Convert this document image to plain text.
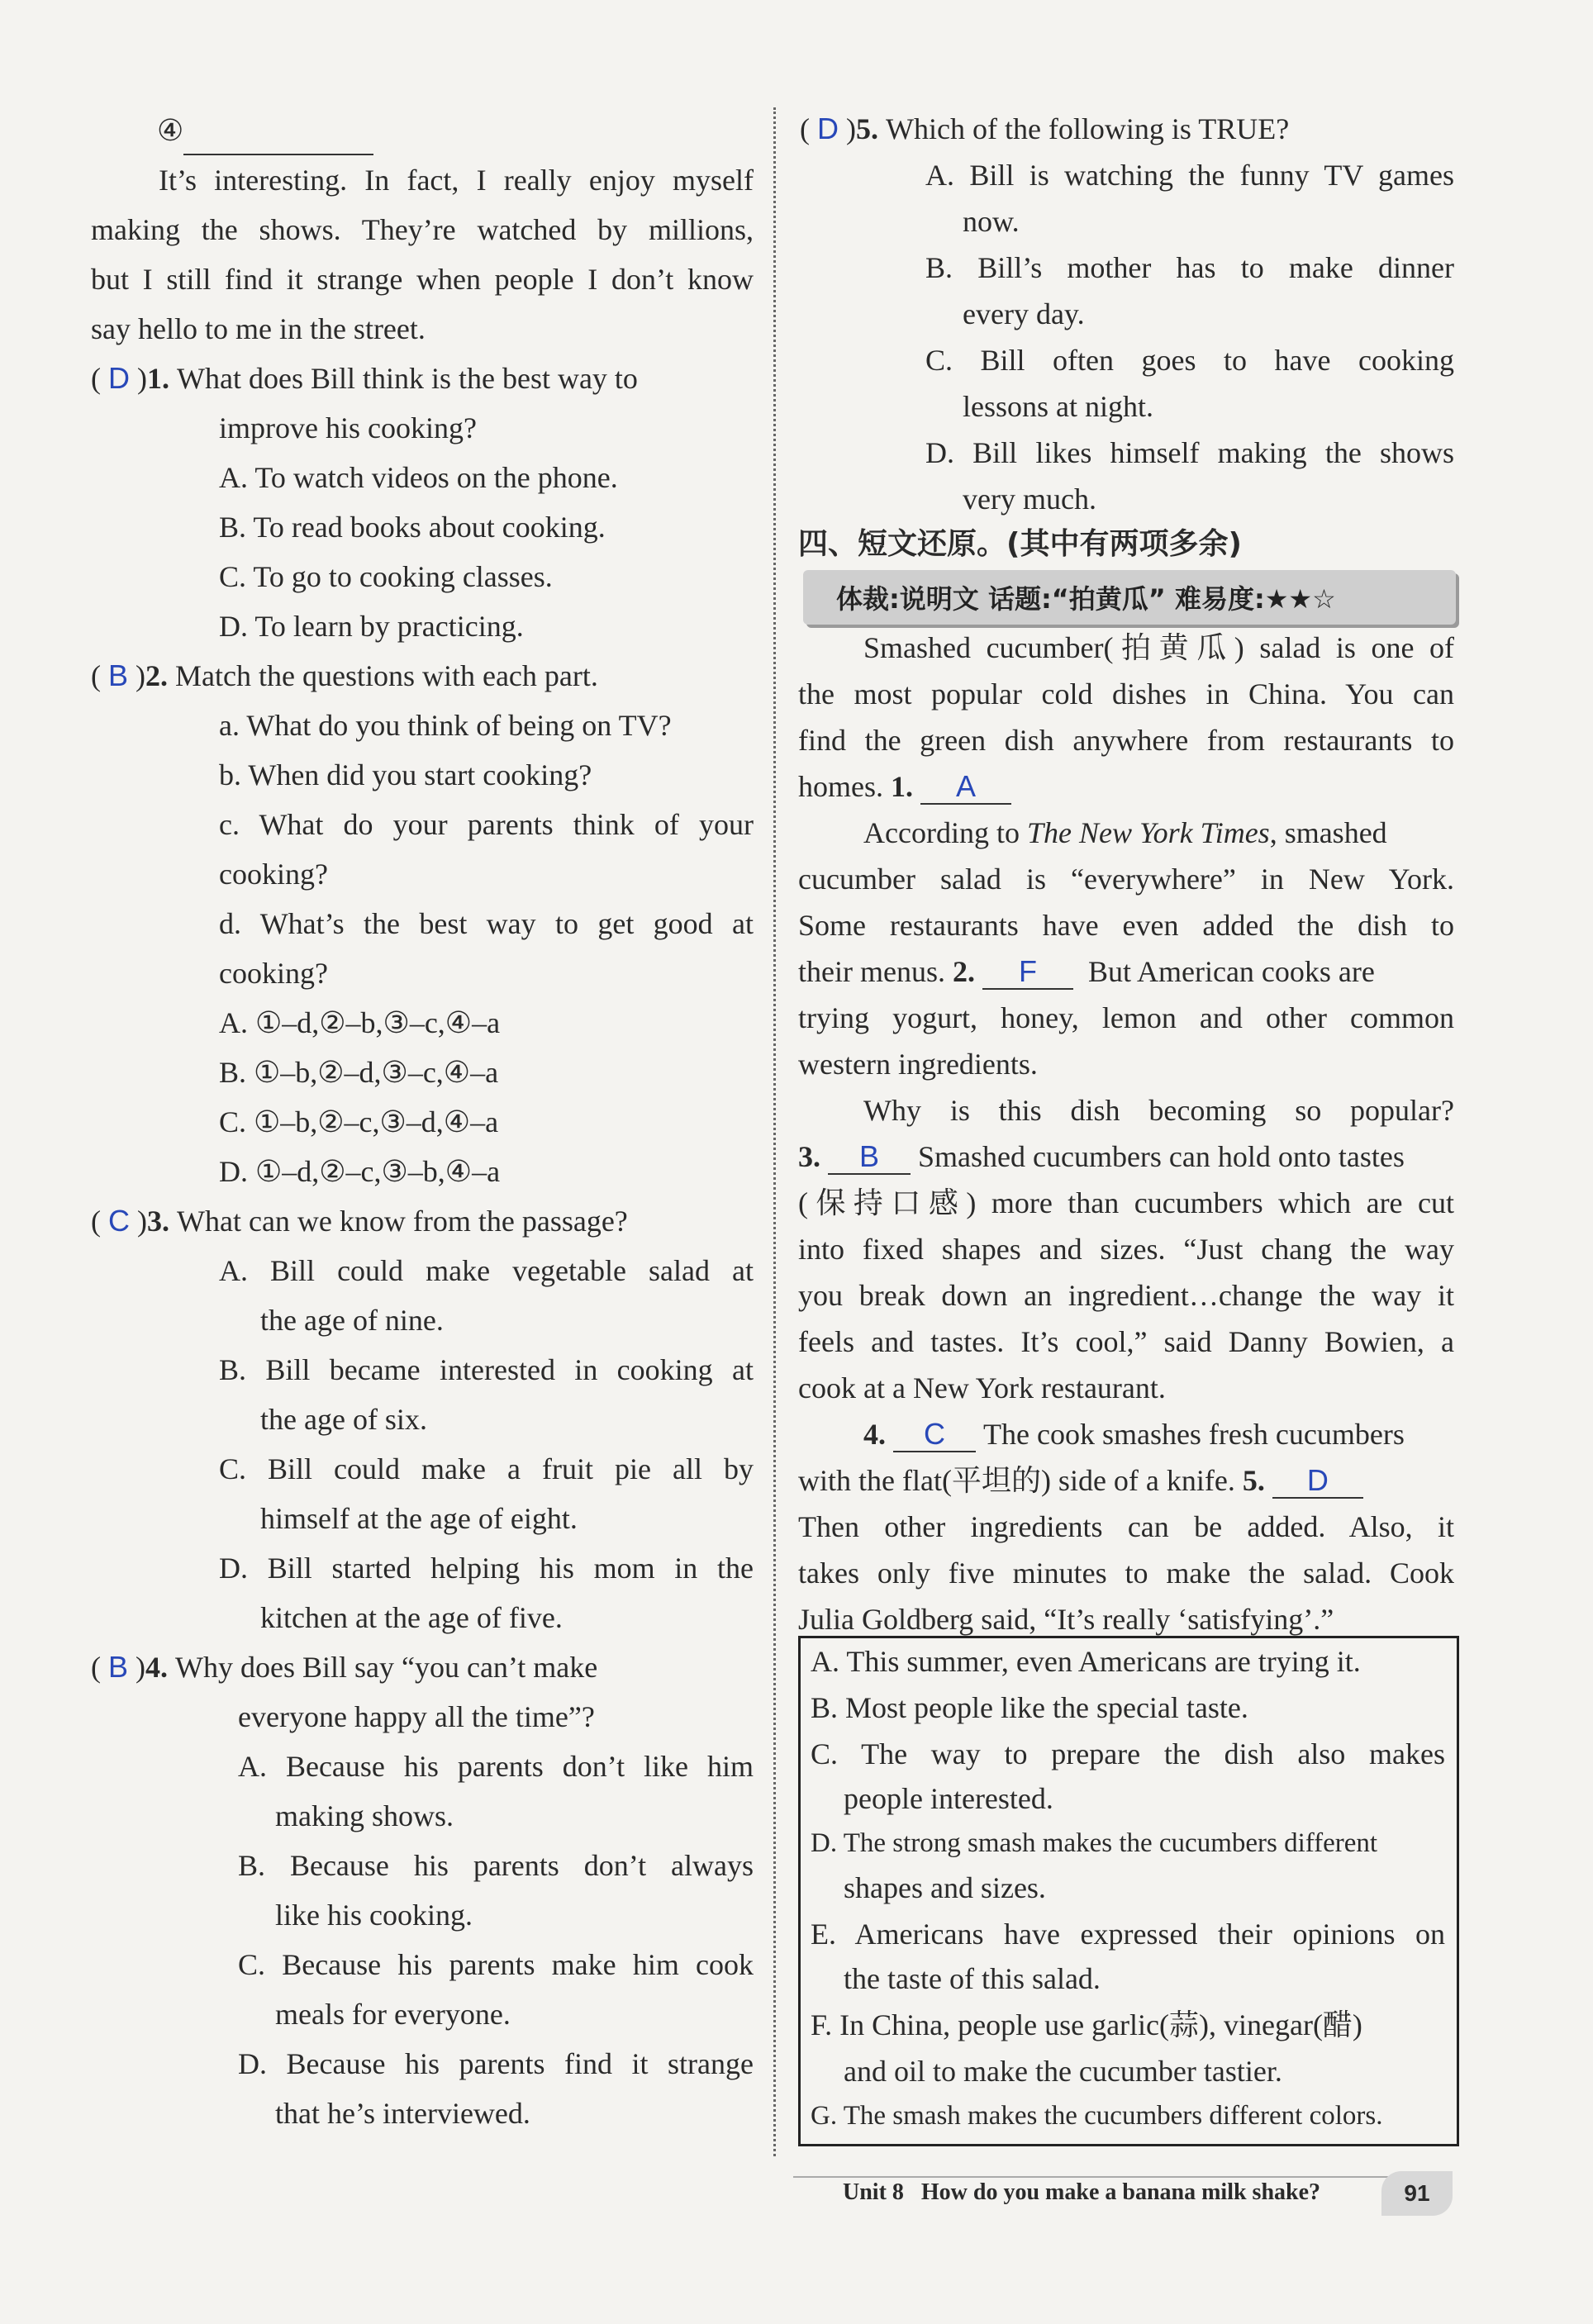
④
It’s interesting. In fact, I really enjoy myself
making the shows. They’re watched by millions,
but I still find it strange when people I don’t know
say hello to me in the street.
( D )1. What does Bill think is the best way to
improve his cooking?
A. To watch videos on the phone.
B. To read books about cooking.
C. To go to cooking classes.
D. To learn by practicing.
( B )2. Match the questions with each part.
a. What do you think of being on TV?
b. When did you start cooking?
c. What do your parents think of your
cooking?
d. What’s the best way to get good at
cooking?
A. ①–d,②–b,③–c,④–a
B. ①–b,②–d,③–c,④–a
C. ①–b,②–c,③–d,④–a
D. ①–d,②–c,③–b,④–a
( C )3. What can we know from the passage?
A. Bill could make vegetable salad at
the age of nine.
B. Bill became interested in cooking at
the age of six.
C. Bill could make a fruit pie all by
himself at the age of eight.
D. Bill started helping his mom in the
kitchen at the age of five.
( B )4. Why does Bill say “you can’t make
everyone happy all the time”?
A. Because his parents don’t like him
making shows.
B. Because his parents don’t always
like his cooking.
C. Because his parents make him cook
meals for everyone.
D. Because his parents find it strange
that he’s interviewed.
( D )5. Which of the following is TRUE?
A. Bill is watching the funny TV games
now.
B. Bill’s mother has to make dinner
every day.
C. Bill often goes to have cooking
lessons at night.
D. Bill likes himself making the shows
very much.
四、短文还原。(其中有两项多余)
体裁:说明文 话题:“拍黄瓜” 难易度:★★☆
Smashed cucumber(拍黄瓜) salad is one of
the most popular cold dishes in China. You can
find the green dish anywhere from restaurants to
homes. 1. A
According to The New York Times, smashed
cucumber salad is “everywhere” in New York.
Some restaurants have even added the dish to
their menus. 2. F But American cooks are
trying yogurt, honey, lemon and other common
western ingredients.
Why is this dish becoming so popular?
3. B Smashed cucumbers can hold onto tastes
(保持口感) more than cucumbers which are cut
into fixed shapes and sizes. “Just chang the way
you break down an ingredient…change the way it
feels and tastes. It’s cool,” said Danny Bowien, a
cook at a New York restaurant.
4. C The cook smashes fresh cucumbers
with the flat(平坦的) side of a knife. 5. D
Then other ingredients can be added. Also, it
takes only five minutes to make the salad. Cook
Julia Goldberg said, “It’s really ‘satisfying’.”
A. This summer, even Americans are trying it.
B. Most people like the special taste.
C. The way to prepare the dish also makes
people interested.
D. The strong smash makes the cucumbers different
shapes and sizes.
E. Americans have expressed their opinions on
the taste of this salad.
F. In China, people use garlic(蒜), vinegar(醋)
and oil to make the cucumber tastier.
G. The smash makes the cucumbers different colors.
Unit 8 How do you make a banana milk shake?	91
